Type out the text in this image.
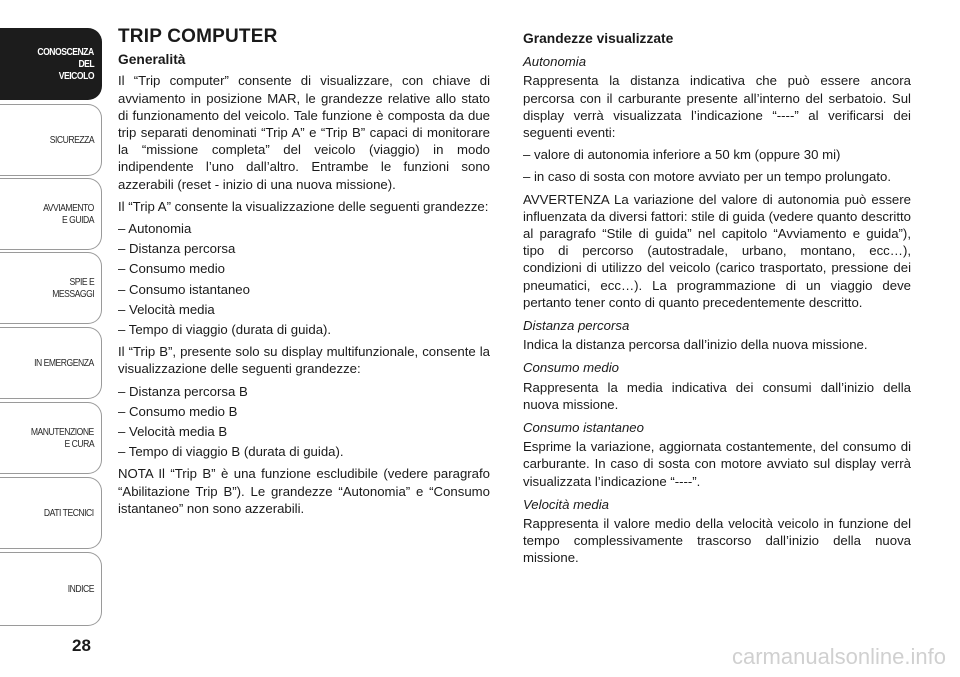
CONOSCENZA
DEL
VEICOLO
SICUREZZA
AVVIAMENTO
E GUIDA
SPIE E
MESSAGGI
IN EMERGENZA
MANUTENZIONE
E CURA
DATI TECNICI
INDICE
28
TRIP COMPUTER
Generalità

Il “Trip computer” consente di visualizzare, con chiave di avviamento in posizione MAR, le grandezze relative allo stato di funzionamento del veicolo. Tale funzione è composta da due trip separati denominati “Trip A” e “Trip B” capaci di monitorare la “missione completa” del veicolo (viaggio) in modo indipendente l’uno dall’altro. Entrambe le funzioni sono azzerabili (reset - inizio di una nuova missione).

Il “Trip A” consente la visualizzazione delle seguenti grandezze:

– Autonomia
– Distanza percorsa
– Consumo medio
– Consumo istantaneo
– Velocità media
– Tempo di viaggio (durata di guida).

Il “Trip B”, presente solo su display multifunzionale, consente la visualizzazione delle seguenti grandezze:

– Distanza percorsa B
– Consumo medio B
– Velocità media B
– Tempo di viaggio B (durata di guida).

NOTA Il “Trip B” è una funzione escludibile (vedere paragrafo “Abilitazione Trip B”). Le grandezze “Autonomia” e “Consumo istantaneo” non sono azzerabili.

Grandezze visualizzate
Autonomia

Rappresenta la distanza indicativa che può essere ancora percorsa con il carburante presente all’interno del serbatoio. Sul display verrà visualizzata l’indicazione “----” al verificarsi dei seguenti eventi:

– valore di autonomia inferiore a 50 km (oppure 30 mi)

– in caso di sosta con motore avviato per un tempo prolungato.

AVVERTENZA La variazione del valore di autonomia può essere influenzata da diversi fattori: stile di guida (vedere quanto descritto al paragrafo “Stile di guida” nel capitolo “Avviamento e guida”), tipo di percorso (autostradale, urbano, montano, ecc…), condizioni di utilizzo del veicolo (carico trasportato, pressione dei pneumatici, ecc…). La programmazione di un viaggio deve pertanto tener conto di quanto precedentemente descritto.

Distanza percorsa

Indica la distanza percorsa dall’inizio della nuova missione.

Consumo medio

Rappresenta la media indicativa dei consumi dall’inizio della nuova missione.

Consumo istantaneo

Esprime la variazione, aggiornata costantemente, del consumo di carburante. In caso di sosta con motore avviato sul display verrà visualizzata l’indicazione “----”.

Velocità media

Rappresenta il valore medio della velocità veicolo in funzione del tempo complessivamente trascorso dall’inizio della nuova missione.

carmanualsonline.info
